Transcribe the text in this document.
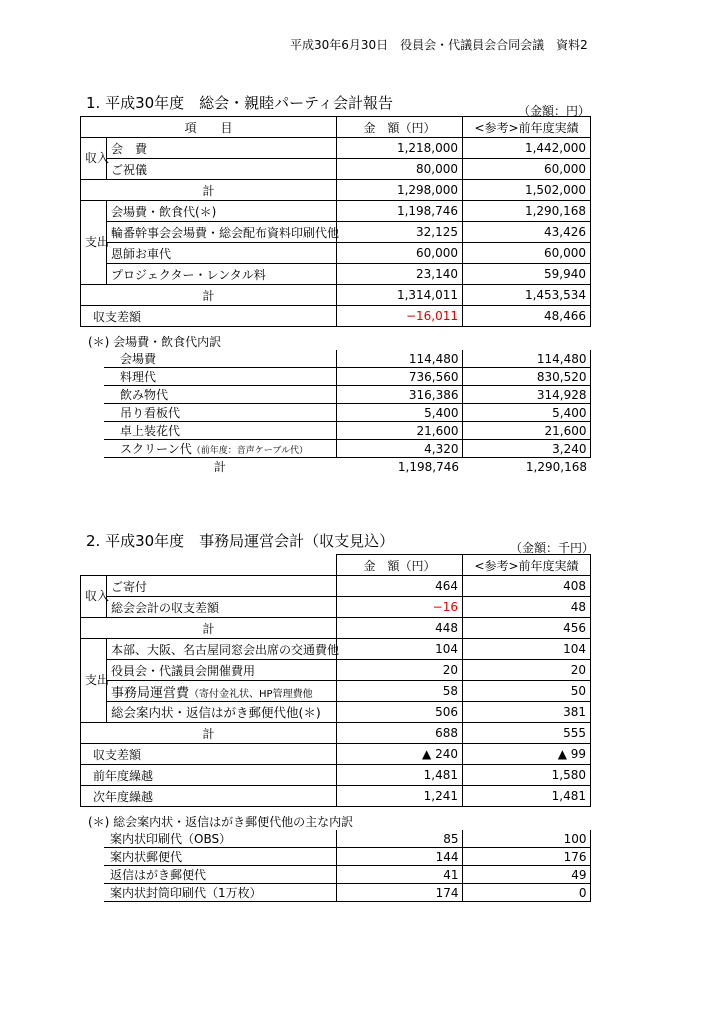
平成30年6月30日　役員会・代議員会合同会議　資料2
1. 平成30年度　総会・親睦パーティ会計報告	（金額：円）
項　　目		金　額（円）	<参考>前年度実績
収入	会　費	1,218,000	1,442,000
	ご祝儀	80,000	60,000
計		1,298,000	1,502,000
支出	会場費・飲食代(＊)	1,198,746	1,290,168
	輪番幹事会会場費・総会配布資料印刷代他	32,125	43,426
	恩師お車代	60,000	60,000
	プロジェクター・レンタル料	23,140	59,940
計		1,314,011	1,453,534
収支差額		−16,011	48,466
(＊) 会場費・飲食代内訳
会場費	114,480	114,480
料理代	736,560	830,520
飲み物代	316,386	314,928
吊り看板代	5,400	5,400
卓上装花代	21,600	21,600
スクリーン代（前年度：音声ケーブル代）	4,320	3,240
計	1,198,746	1,290,168
2. 平成30年度　事務局運営会計（収支見込）	（金額：千円）
		金　額（円）	<参考>前年度実績
収入	ご寄付	464	408
	総会会計の収支差額	−16	48
計		448	456
支出	本部、大阪、名古屋同窓会出席の交通費他	104	104
	役員会・代議員会開催費用	20	20
	事務局運営費（寄付金礼状、HP管理費他	58	50
	総会案内状・返信はがき郵便代他(＊)	506	381
計		688	555
収支差額		▲ 240	▲ 99
前年度繰越		1,481	1,580
次年度繰越		1,241	1,481
(＊) 総会案内状・返信はがき郵便代他の主な内訳
案内状印刷代（OBS）	85	100
案内状郵便代	144	176
返信はがき郵便代	41	49
案内状封筒印刷代（1万枚）	174	0
